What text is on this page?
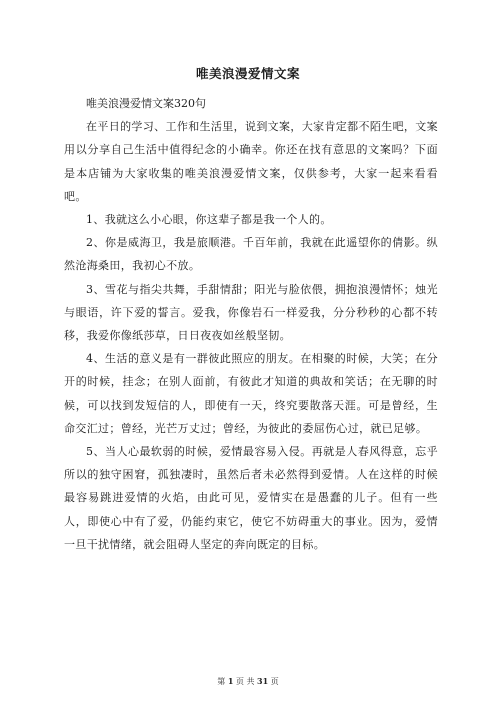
唯美浪漫爱情文案

唯美浪漫爱情文案320句

在平日的学习、工作和生活里，说到文案，大家肯定都不陌生吧，文案用以分享自己生活中值得纪念的小确幸。你还在找有意思的文案吗？下面是本店铺为大家收集的唯美浪漫爱情文案，仅供参考，大家一起来看看吧。

1、我就这么小心眼，你这辈子都是我一个人的。

2、你是威海卫，我是旅顺港。千百年前，我就在此遥望你的倩影。纵然沧海桑田，我初心不放。

3、雪花与指尖共舞，手甜情甜；阳光与脸依偎，拥抱浪漫情怀；烛光与眼语，许下爱的誓言。爱我，你像岩石一样爱我，分分秒秒的心都不转移，我爱你像纸莎草，日日夜夜如丝般坚韧。

4、生活的意义是有一群彼此照应的朋友。在相聚的时候，大笑；在分开的时候，挂念；在别人面前，有彼此才知道的典故和笑话；在无聊的时候，可以找到发短信的人，即使有一天，终究要散落天涯。可是曾经，生命交汇过；曾经，光芒万丈过；曾经，为彼此的委屈伤心过，就已足够。

5、当人心最软弱的时候，爱情最容易入侵。再就是人春风得意，忘乎所以的独守困窘，孤独凄时，虽然后者未必然得到爱情。人在这样的时候最容易跳进爱情的火焰，由此可见，爱情实在是愚蠢的儿子。但有一些人，即使心中有了爱，仍能约束它，使它不妨碍重大的事业。因为，爱情一旦干扰情绪，就会阻碍人坚定的奔向既定的目标。

第 1 页 共 31 页
